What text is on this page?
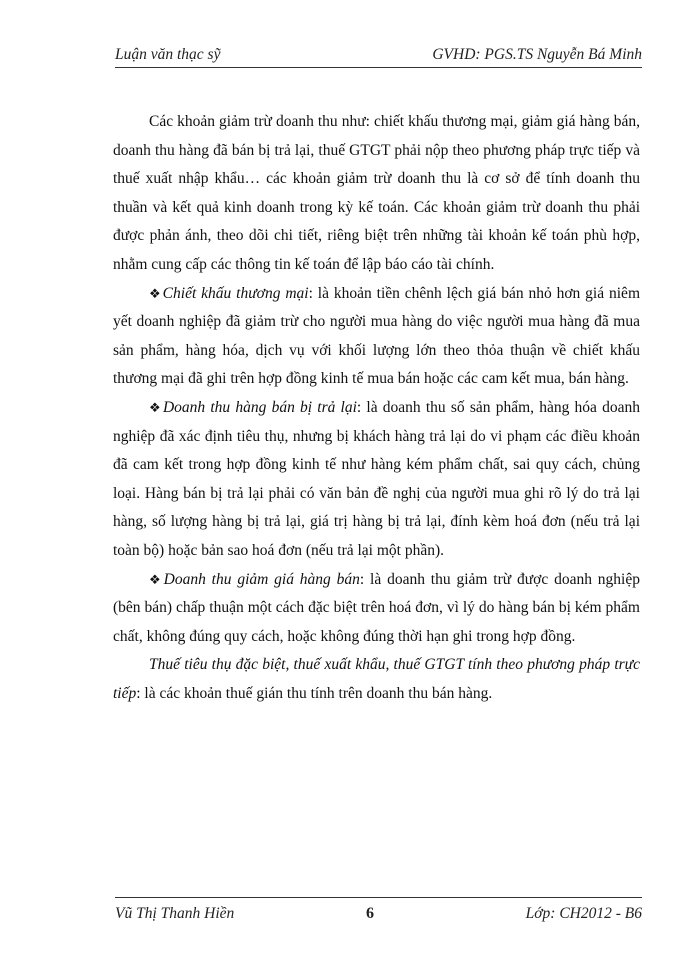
Luận văn thạc sỹ	GVHD: PGS.TS Nguyễn Bá Minh

Các khoản giảm trừ doanh thu như: chiết khấu thương mại, giảm giá hàng bán, doanh thu hàng đã bán bị trả lại, thuế GTGT phải nộp theo phương pháp trực tiếp và thuế xuất nhập khẩu… các khoản giảm trừ doanh thu là cơ sở để tính doanh thu thuần và kết quả kinh doanh trong kỳ kế toán. Các khoản giảm trừ doanh thu phải được phản ánh, theo dõi chi tiết, riêng biệt trên những tài khoản kế toán phù hợp, nhằm cung cấp các thông tin kế toán để lập báo cáo tài chính.

❖Chiết khấu thương mại: là khoản tiền chênh lệch giá bán nhỏ hơn giá niêm yết doanh nghiệp đã giảm trừ cho người mua hàng do việc người mua hàng đã mua sản phẩm, hàng hóa, dịch vụ với khối lượng lớn theo thỏa thuận về chiết khấu thương mại đã ghi trên hợp đồng kinh tế mua bán hoặc các cam kết mua, bán hàng.

❖Doanh thu hàng bán bị trả lại: là doanh thu số sản phẩm, hàng hóa doanh nghiệp đã xác định tiêu thụ, nhưng bị khách hàng trả lại do vi phạm các điều khoản đã cam kết trong hợp đồng kinh tế như hàng kém phẩm chất, sai quy cách, chủng loại. Hàng bán bị trả lại phải có văn bản đề nghị của người mua ghi rõ lý do trả lại hàng, số lượng hàng bị trả lại, giá trị hàng bị trả lại, đính kèm hoá đơn (nếu trả lại toàn bộ) hoặc bản sao hoá đơn (nếu trả lại một phần).

❖Doanh thu giảm giá hàng bán: là doanh thu giảm trừ được doanh nghiệp (bên bán) chấp thuận một cách đặc biệt trên hoá đơn, vì lý do hàng bán bị kém phẩm chất, không đúng quy cách, hoặc không đúng thời hạn ghi trong hợp đồng.

Thuế tiêu thụ đặc biệt, thuế xuất khẩu, thuế GTGT tính theo phương pháp trực tiếp: là các khoản thuế gián thu tính trên doanh thu bán hàng.

Vũ Thị Thanh Hiền	6	Lớp: CH2012 - B6
